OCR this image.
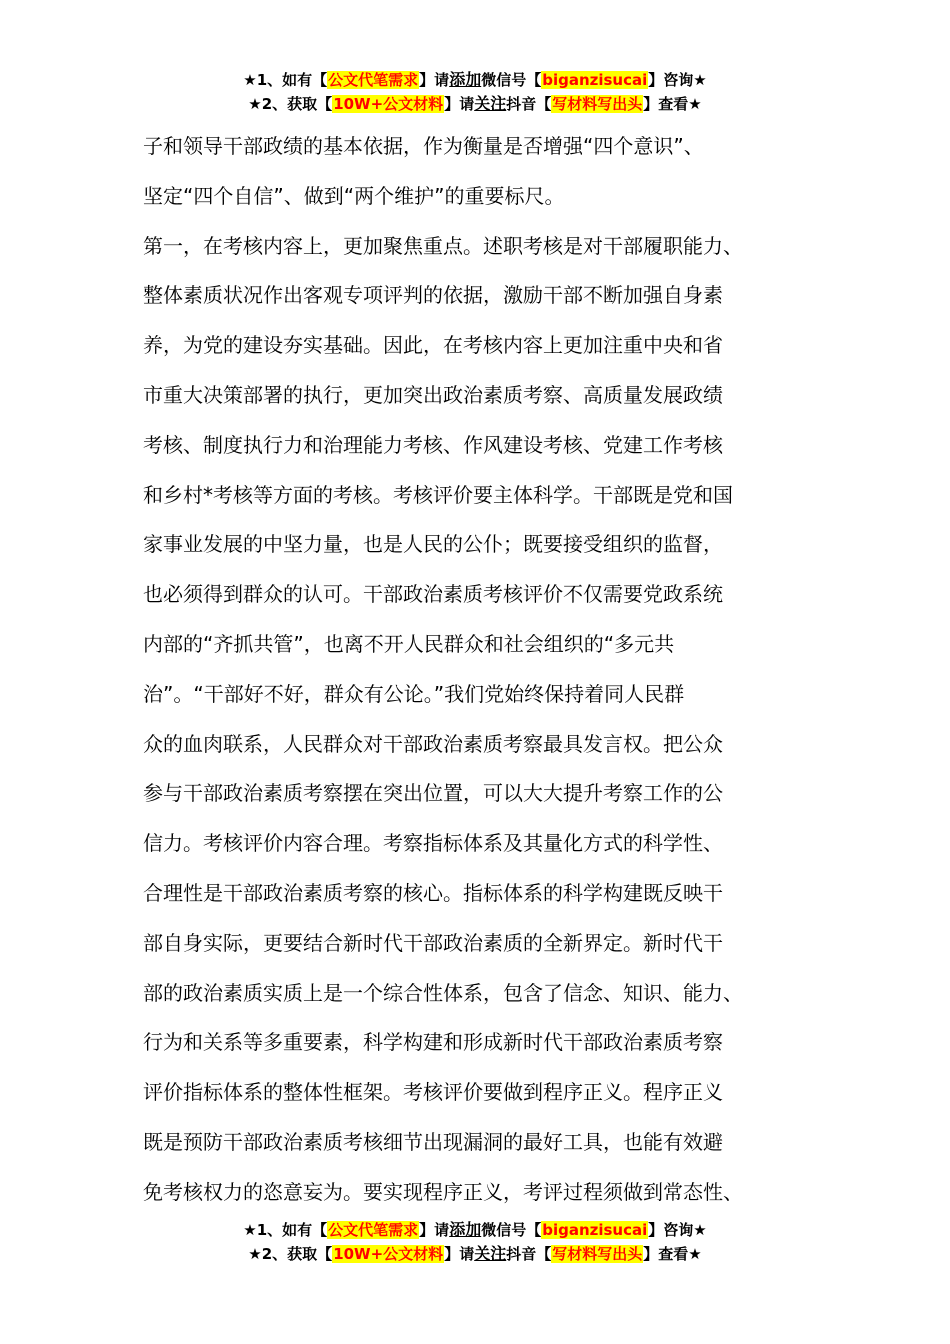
★1、如有【公文代笔需求】请添加微信号【biganzisucai】咨询★
★2、获取【10W+公文材料】请关注抖音【写材料写出头】查看★

子和领导干部政绩的基本依据，作为衡量是否增强“四个意识”、

坚定“四个自信”、做到“两个维护”的重要标尺。

第一，在考核内容上，更加聚焦重点。述职考核是对干部履职能力、

整体素质状况作出客观专项评判的依据，激励干部不断加强自身素

养，为党的建设夯实基础。因此，在考核内容上更加注重中央和省

市重大决策部署的执行，更加突出政治素质考察、高质量发展政绩

考核、制度执行力和治理能力考核、作风建设考核、党建工作考核

和乡村*考核等方面的考核。考核评价要主体科学。干部既是党和国

家事业发展的中坚力量，也是人民的公仆；既要接受组织的监督，

也必须得到群众的认可。干部政治素质考核评价不仅需要党政系统

内部的“齐抓共管”，也离不开人民群众和社会组织的“多元共

治”。“干部好不好，群众有公论。”我们党始终保持着同人民群

众的血肉联系，人民群众对干部政治素质考察最具发言权。把公众

参与干部政治素质考察摆在突出位置，可以大大提升考察工作的公

信力。考核评价内容合理。考察指标体系及其量化方式的科学性、

合理性是干部政治素质考察的核心。指标体系的科学构建既反映干

部自身实际，更要结合新时代干部政治素质的全新界定。新时代干

部的政治素质实质上是一个综合性体系，包含了信念、知识、能力、

行为和关系等多重要素，科学构建和形成新时代干部政治素质考察

评价指标体系的整体性框架。考核评价要做到程序正义。程序正义

既是预防干部政治素质考核细节出现漏洞的最好工具，也能有效避

免考核权力的恣意妄为。要实现程序正义，考评过程须做到常态性、

★1、如有【公文代笔需求】请添加微信号【biganzisucai】咨询★
★2、获取【10W+公文材料】请关注抖音【写材料写出头】查看★
